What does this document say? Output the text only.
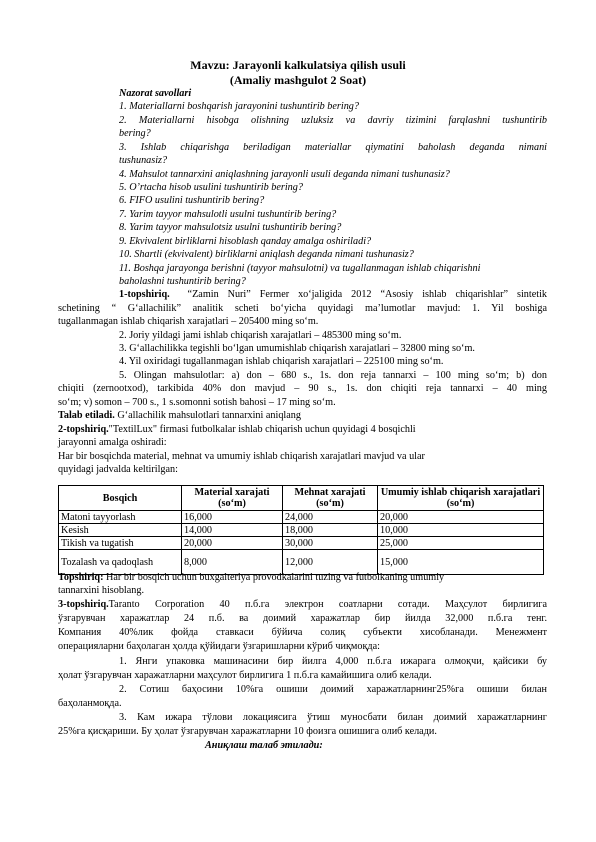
Mavzu: Jarayonli kalkulatsiya qilish usuli
(Amaliy mashgulot 2 Soat)
Nazorat savollari
1. Materiallarni boshqarish jarayonini tushuntirib bering?
2. Materiallarni hisobga olishning uzluksiz va davriy tizimini farqlashni tushuntirib
bering?
3. Ishlab chiqarishga beriladigan materiallar qiymatini baholash deganda nimani
tushunasiz?
4. Mahsulot tannarxini aniqlashning jarayonli usuli deganda nimani tushunasiz?
5. O’rtacha hisob usulini tushuntirib bering?
6. FIFO usulini tushuntirib bering?
7. Yarim tayyor mahsulotli usulni tushuntirib bering?
8. Yarim tayyor mahsulotsiz usulni tushuntirib bering?
9. Ekvivalent birliklarni hisoblash qanday amalga oshiriladi?
10. Shartli (ekvivalent) birliklarni aniqlash deganda nimani tushunasiz?
11. Boshqa jarayonga berishni (tayyor mahsulotni) va tugallanmagan ishlab chiqarishni
baholashni tushuntirib bering?
1-topshiriq. “Zamin Nuri” Fermer xo‘jaligida 2012 “Asosiy ishlab chiqarishlar” sintetik
schetining “ G‘allachilik” analitik scheti bo‘yicha quyidagi ma’lumotlar mavjud: 1. Yil boshiga
tugallanmagan ishlab chiqarish xarajatlari – 205400 ming so‘m.
2. Joriy yildagi jami ishlab chiqarish xarajatlari – 485300 ming so‘m.
3. G‘allachilikka tegishli bo‘lgan umumishlab chiqarish xarajatlari – 32800 ming so‘m.
4. Yil oxiridagi tugallanmagan ishlab chiqarish xarajatlari – 225100 ming so‘m.
5. Olingan mahsulotlar: a) don – 680 s., 1s. don reja tannarxi – 100 ming so‘m; b) don
chiqiti (zernootxod), tarkibida 40% don mavjud – 90 s., 1s. don chiqiti reja tannarxi – 40 ming
so‘m; v) somon – 700 s., 1 s.somonni sotish bahosi – 17 ming so‘m.
Talab etiladi. G‘allachilik mahsulotlari tannarxini aniqlang
2-topshiriq."TextilLux" firmasi futbolkalar ishlab chiqarish uchun quyidagi 4 bosqichli
jarayonni amalga oshiradi:
Har bir bosqichda material, mehnat va umumiy ishlab chiqarish xarajatlari mavjud va ular
quyidagi jadvalda keltirilgan:
Bosqich	Material xarajati (so‘m)	Mehnat xarajati (so‘m)	Umumiy ishlab chiqarish xarajatlari (so‘m)
Matoni tayyorlash	16,000	24,000	20,000
Kesish	14,000	18,000	10,000
Tikish va tugatish	20,000	30,000	25,000
Tozalash va qadoqlash	8,000	12,000	15,000
Topshiriq: Har bir bosqich uchun buxgalteriya provodkalarini tuzing va futbolkaning umumiy
tannarxini hisoblang.
3-topshiriq.Taranto Corporation 40 п.б.га электрон соатларни сотади. Маҳсулот бирлигига
ўзгарувчан харажатлар 24 п.б. ва доимий харажатлар бир йилда 32,000 п.б.га тенг.
Компания 40%лик фойда ставкаси бўйича солиқ субъекти хисобланади. Менежмент
операцияларни баҳолаган ҳолда қўйидаги ўзгаришларни кўриб чиқмоқда:
1. Янги упаковка машинасини бир йилга 4,000 п.б.га ижарага олмоқчи, қайсики бу
ҳолат ўзгарувчан харажатларни маҳсулот бирлигига 1 п.б.га камайишига олиб келади.
2. Сотиш баҳосини 10%га ошиши доимий харажатларнинг25%га ошиши билан
баҳоланмоқда.
3. Кам ижара тўлови локациясига ўтиш муносбати билан доимий харажатларнинг
25%га қисқариши. Бу ҳолат ўзгарувчан харажатларни 10 фоизга ошишига олиб келади.
Аниқлаш талаб этилади:
